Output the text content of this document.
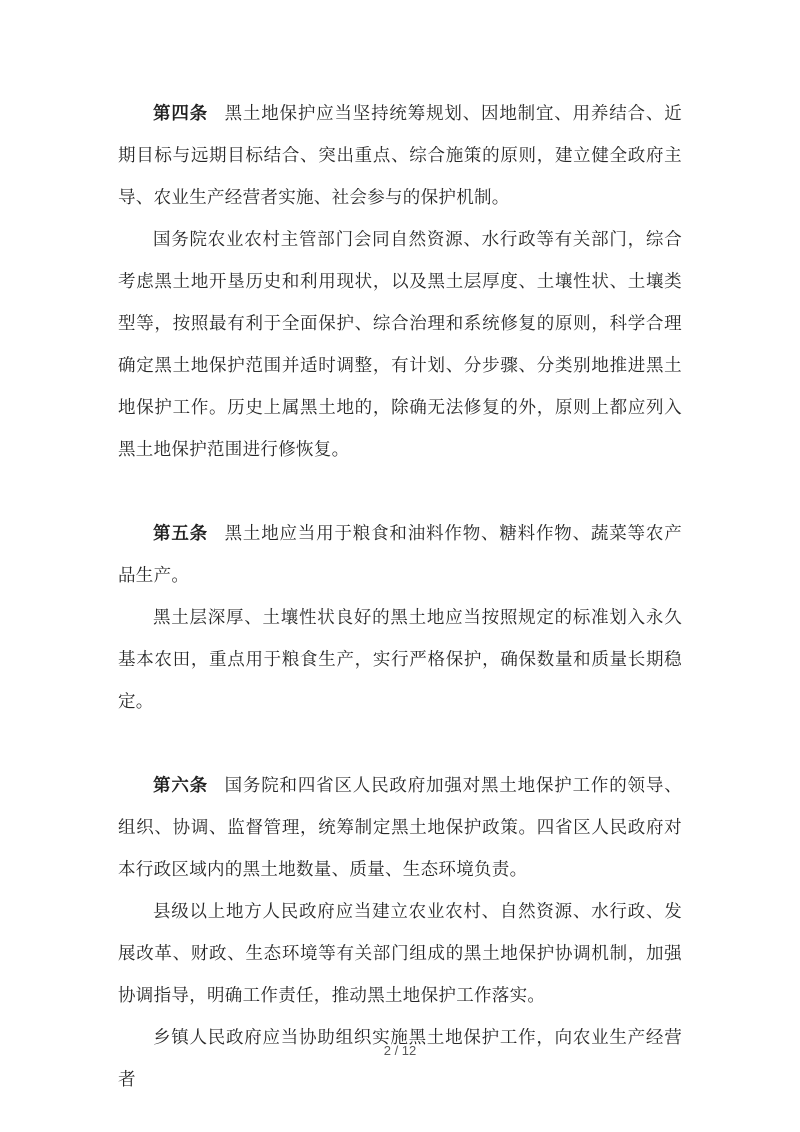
第四条 黑土地保护应当坚持统筹规划、因地制宜、用养结合、近期目标与远期目标结合、突出重点、综合施策的原则，建立健全政府主导、农业生产经营者实施、社会参与的保护机制。

国务院农业农村主管部门会同自然资源、水行政等有关部门，综合考虑黑土地开垦历史和利用现状，以及黑土层厚度、土壤性状、土壤类型等，按照最有利于全面保护、综合治理和系统修复的原则，科学合理确定黑土地保护范围并适时调整，有计划、分步骤、分类别地推进黑土地保护工作。历史上属黑土地的，除确无法修复的外，原则上都应列入黑土地保护范围进行修恢复。

第五条 黑土地应当用于粮食和油料作物、糖料作物、蔬菜等农产品生产。

黑土层深厚、土壤性状良好的黑土地应当按照规定的标准划入永久基本农田，重点用于粮食生产，实行严格保护，确保数量和质量长期稳定。

第六条 国务院和四省区人民政府加强对黑土地保护工作的领导、组织、协调、监督管理，统筹制定黑土地保护政策。四省区人民政府对本行政区域内的黑土地数量、质量、生态环境负责。

县级以上地方人民政府应当建立农业农村、自然资源、水行政、发展改革、财政、生态环境等有关部门组成的黑土地保护协调机制，加强协调指导，明确工作责任，推动黑土地保护工作落实。

乡镇人民政府应当协助组织实施黑土地保护工作，向农业生产经营者

2 / 12
